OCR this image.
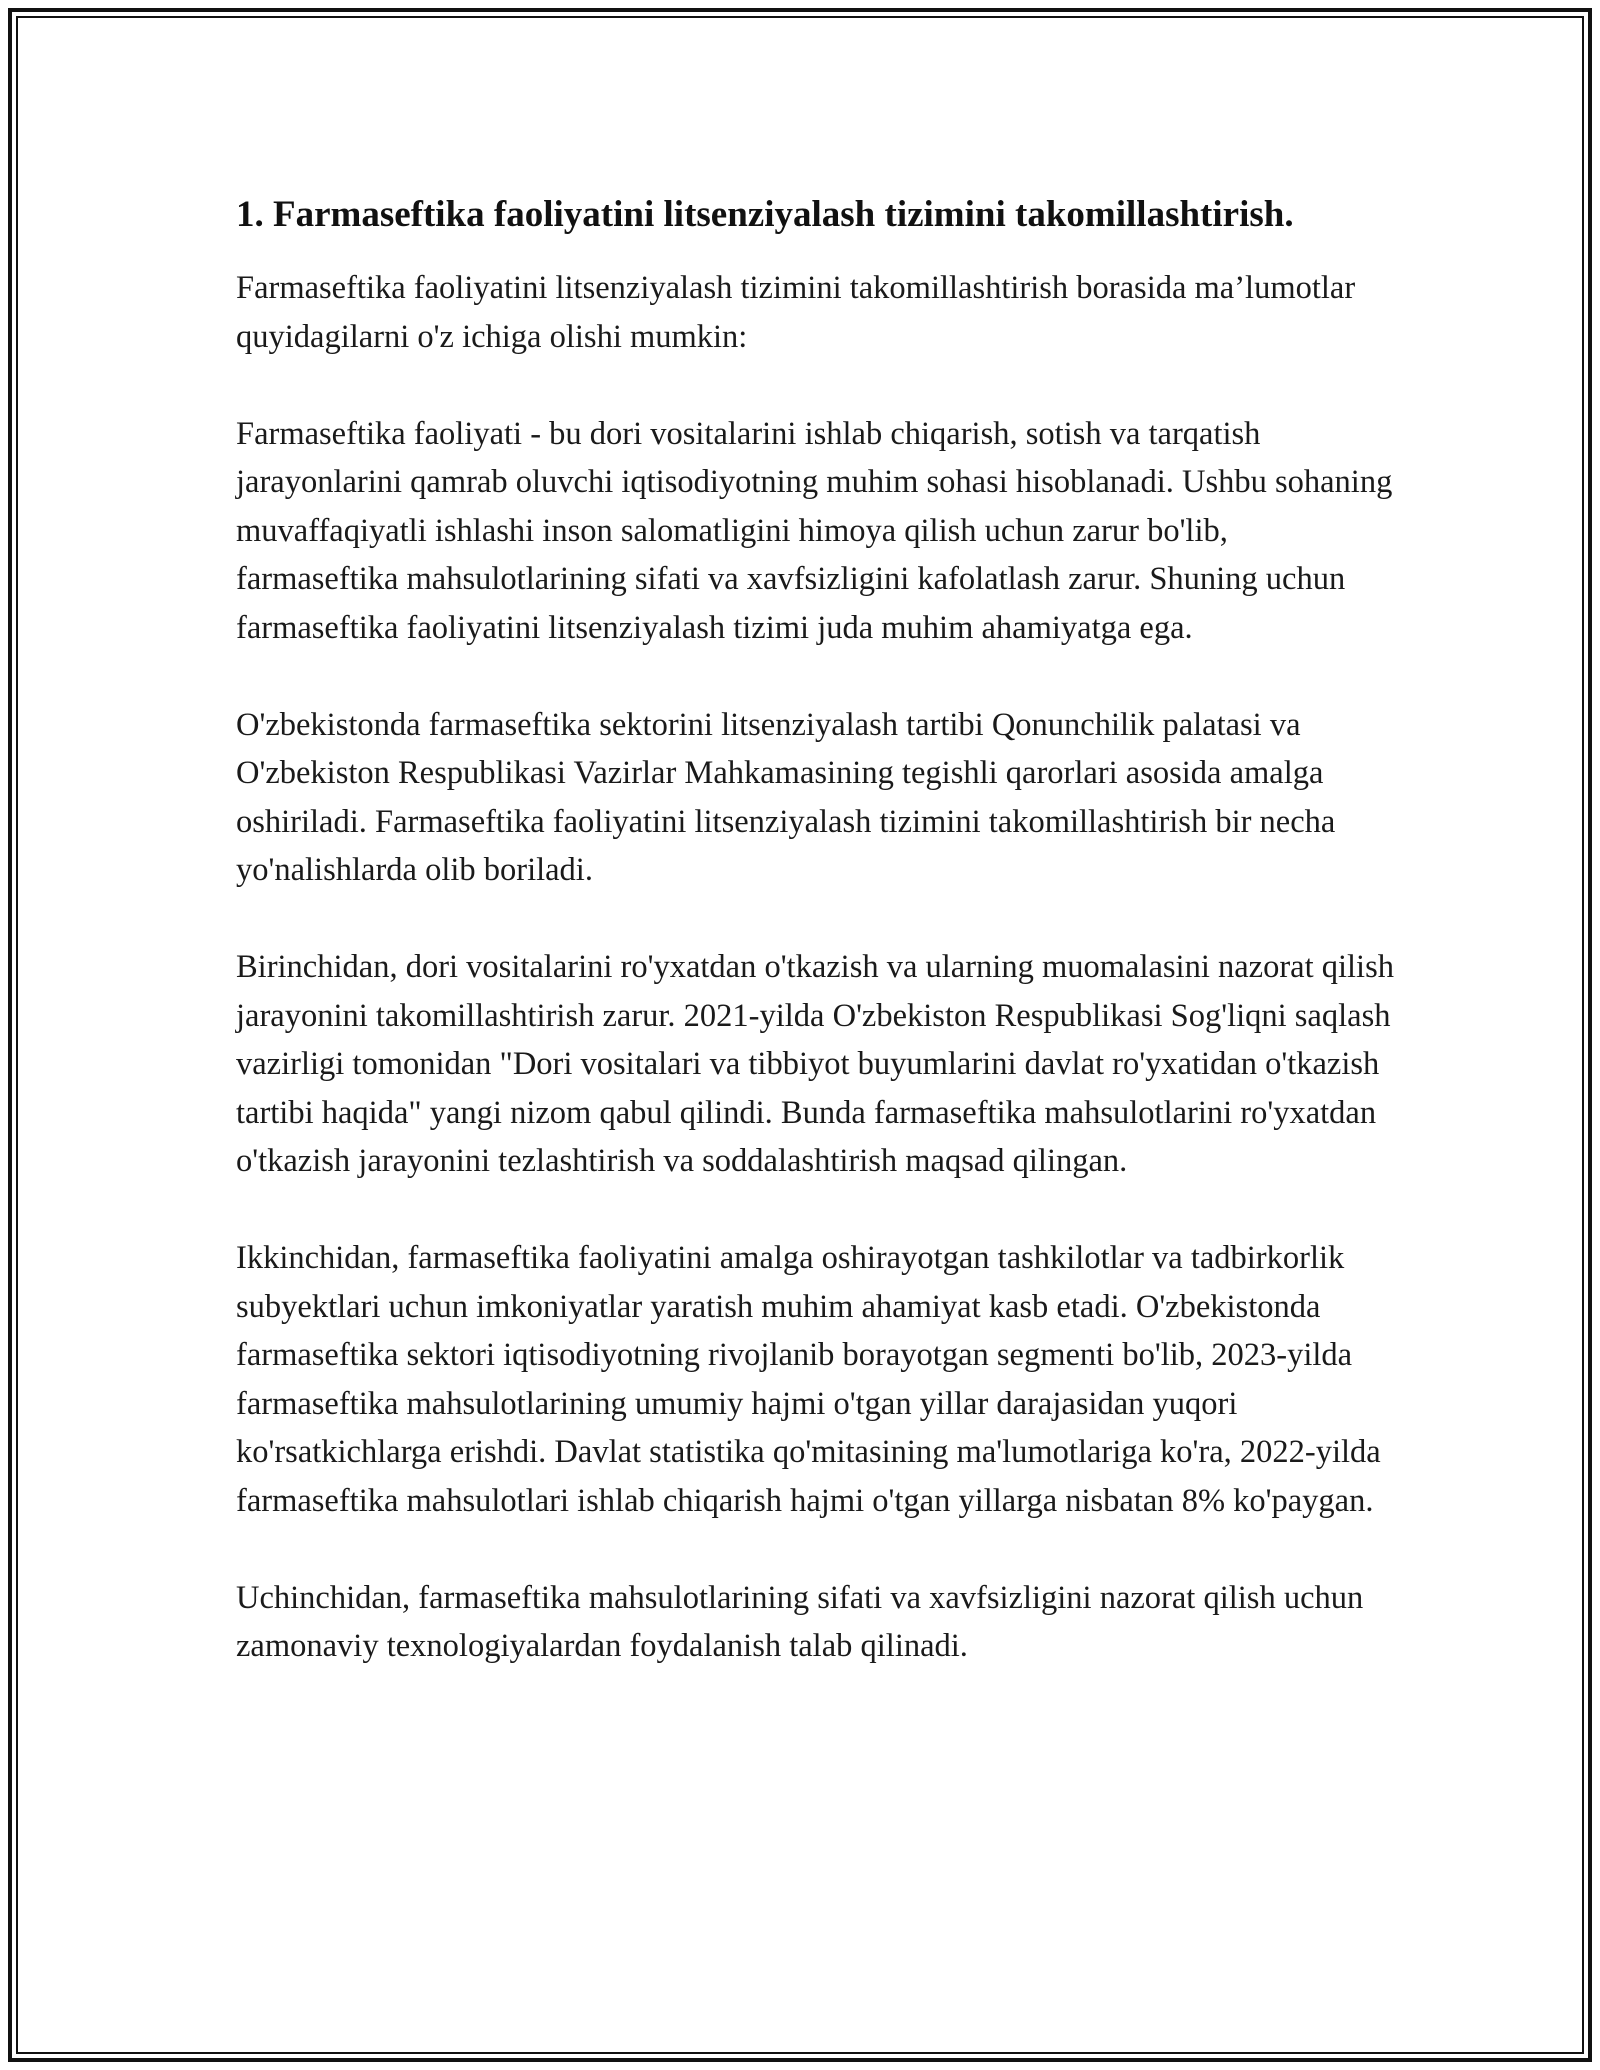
1. Farmaseftika faoliyatini litsenziyalash tizimini takomillashtirish.

Farmaseftika faoliyatini litsenziyalash tizimini takomillashtirish borasida ma’lumotlar quyidagilarni o'z ichiga olishi mumkin:

Farmaseftika faoliyati - bu dori vositalarini ishlab chiqarish, sotish va tarqatish jarayonlarini qamrab oluvchi iqtisodiyotning muhim sohasi hisoblanadi. Ushbu sohaning muvaffaqiyatli ishlashi inson salomatligini himoya qilish uchun zarur bo'lib, farmaseftika mahsulotlarining sifati va xavfsizligini kafolatlash zarur. Shuning uchun farmaseftika faoliyatini litsenziyalash tizimi juda muhim ahamiyatga ega.

O'zbekistonda farmaseftika sektorini litsenziyalash tartibi Qonunchilik palatasi va O'zbekiston Respublikasi Vazirlar Mahkamasining tegishli qarorlari asosida amalga oshiriladi. Farmaseftika faoliyatini litsenziyalash tizimini takomillashtirish bir necha yo'nalishlarda olib boriladi.

Birinchidan, dori vositalarini ro'yxatdan o'tkazish va ularning muomalasini nazorat qilish jarayonini takomillashtirish zarur. 2021-yilda O'zbekiston Respublikasi Sog'liqni saqlash vazirligi tomonidan "Dori vositalari va tibbiyot buyumlarini davlat ro'yxatidan o'tkazish tartibi haqida" yangi nizom qabul qilindi. Bunda farmaseftika mahsulotlarini ro'yxatdan o'tkazish jarayonini tezlashtirish va soddalashtirish maqsad qilingan.

Ikkinchidan, farmaseftika faoliyatini amalga oshirayotgan tashkilotlar va tadbirkorlik subyektlari uchun imkoniyatlar yaratish muhim ahamiyat kasb etadi. O'zbekistonda farmaseftika sektori iqtisodiyotning rivojlanib borayotgan segmenti bo'lib, 2023-yilda farmaseftika mahsulotlarining umumiy hajmi o'tgan yillar darajasidan yuqori ko'rsatkichlarga erishdi. Davlat statistika qo'mitasining ma'lumotlariga ko'ra, 2022-yilda farmaseftika mahsulotlari ishlab chiqarish hajmi o'tgan yillarga nisbatan 8% ko'paygan.

Uchinchidan, farmaseftika mahsulotlarining sifati va xavfsizligini nazorat qilish uchun zamonaviy texnologiyalardan foydalanish talab qilinadi.
